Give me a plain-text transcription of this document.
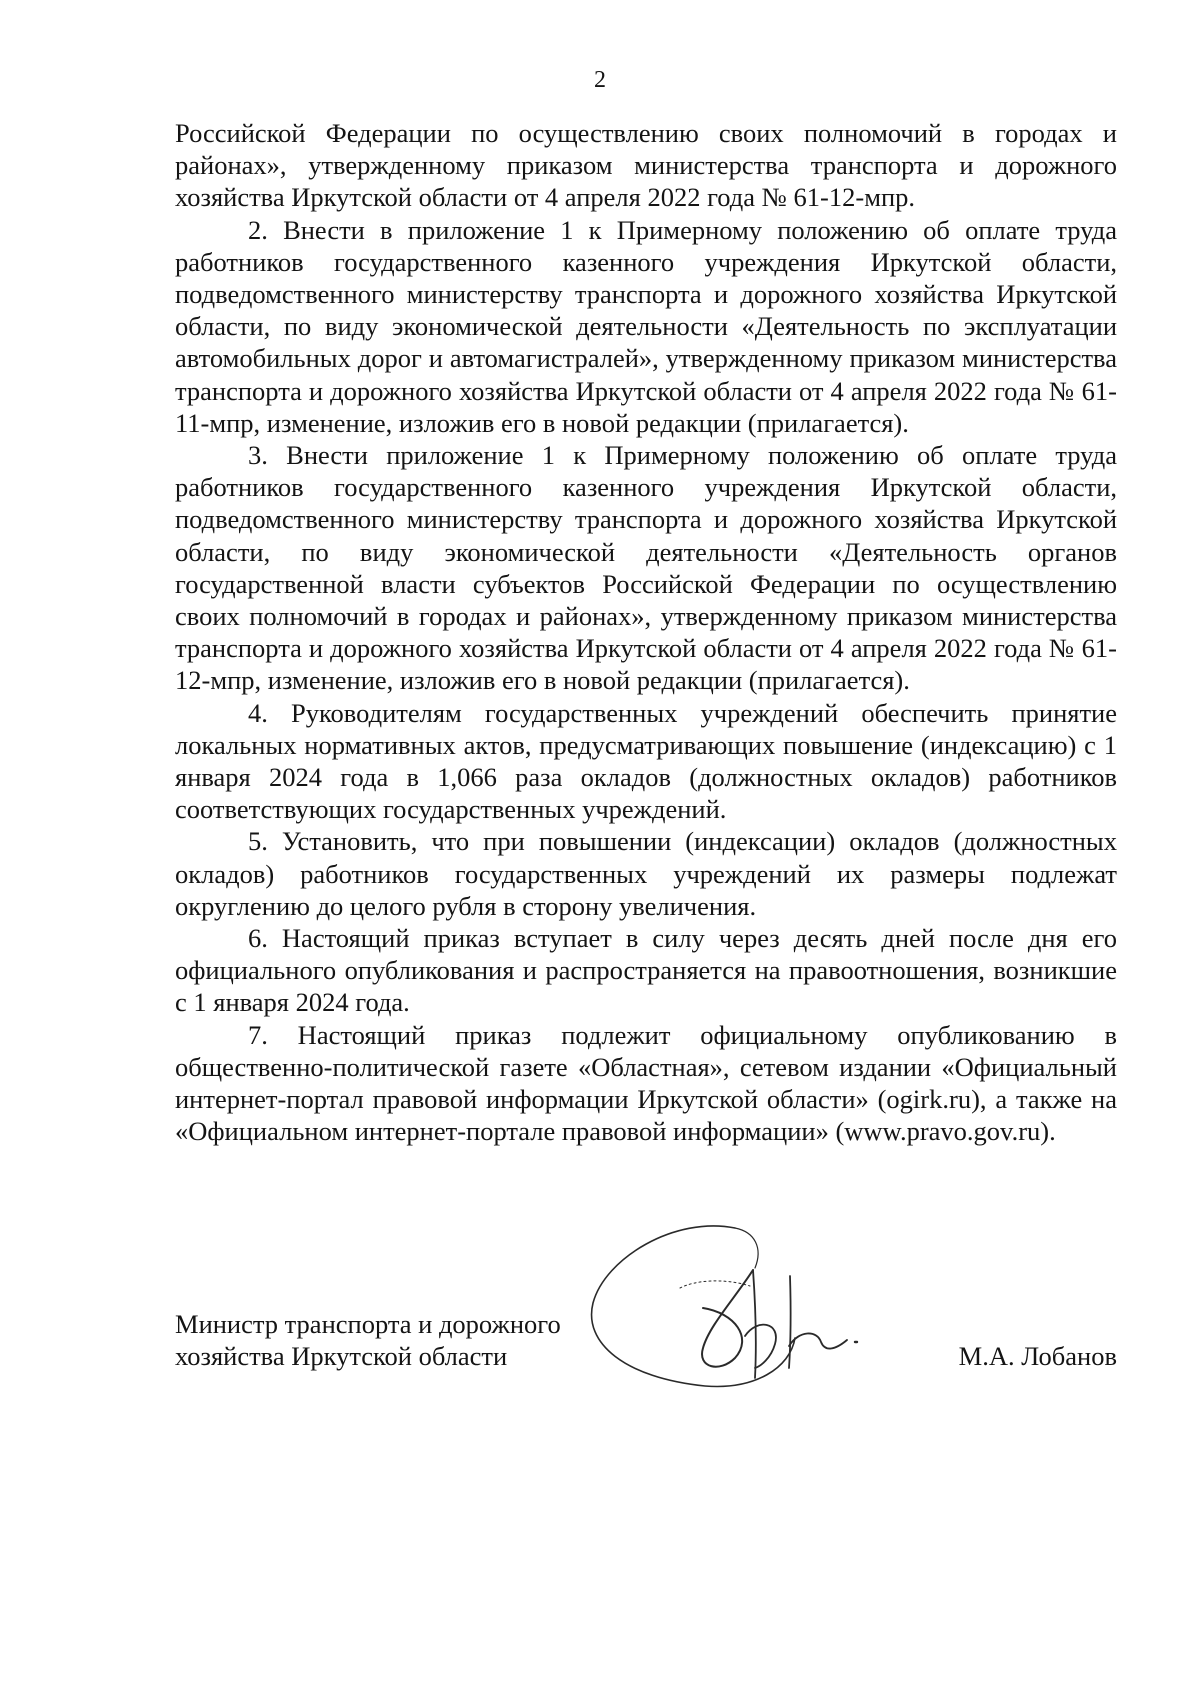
2

Российской Федерации по осуществлению своих полномочий в городах и районах», утвержденному приказом министерства транспорта и дорожного хозяйства Иркутской области от 4 апреля 2022 года № 61-12-мпр.

2. Внести в приложение 1 к Примерному положению об оплате труда работников государственного казенного учреждения Иркутской области, подведомственного министерству транспорта и дорожного хозяйства Иркутской области, по виду экономической деятельности «Деятельность по эксплуатации автомобильных дорог и автомагистралей», утвержденному приказом министерства транспорта и дорожного хозяйства Иркутской области от 4 апреля 2022 года № 61-11-мпр, изменение, изложив его в новой редакции (прилагается).

3. Внести приложение 1 к Примерному положению об оплате труда работников государственного казенного учреждения Иркутской области, подведомственного министерству транспорта и дорожного хозяйства Иркутской области, по виду экономической деятельности «Деятельность органов государственной власти субъектов Российской Федерации по осуществлению своих полномочий в городах и районах», утвержденному приказом министерства транспорта и дорожного хозяйства Иркутской области от 4 апреля 2022 года № 61-12-мпр, изменение, изложив его в новой редакции (прилагается).

4. Руководителям государственных учреждений обеспечить принятие локальных нормативных актов, предусматривающих повышение (индексацию) с 1 января 2024 года в 1,066 раза окладов (должностных окладов) работников соответствующих государственных учреждений.

5. Установить, что при повышении (индексации) окладов (должностных окладов) работников государственных учреждений их размеры подлежат округлению до целого рубля в сторону увеличения.

6. Настоящий приказ вступает в силу через десять дней после дня его официального опубликования и распространяется на правоотношения, возникшие с 1 января 2024 года.

7. Настоящий приказ подлежит официальному опубликованию в общественно-политической газете «Областная», сетевом издании «Официальный интернет-портал правовой информации Иркутской области» (ogirk.ru), а также на «Официальном интернет-портале правовой информации» (www.pravo.gov.ru).

Министр транспорта и дорожного
хозяйства Иркутской области	М.А. Лобанов
